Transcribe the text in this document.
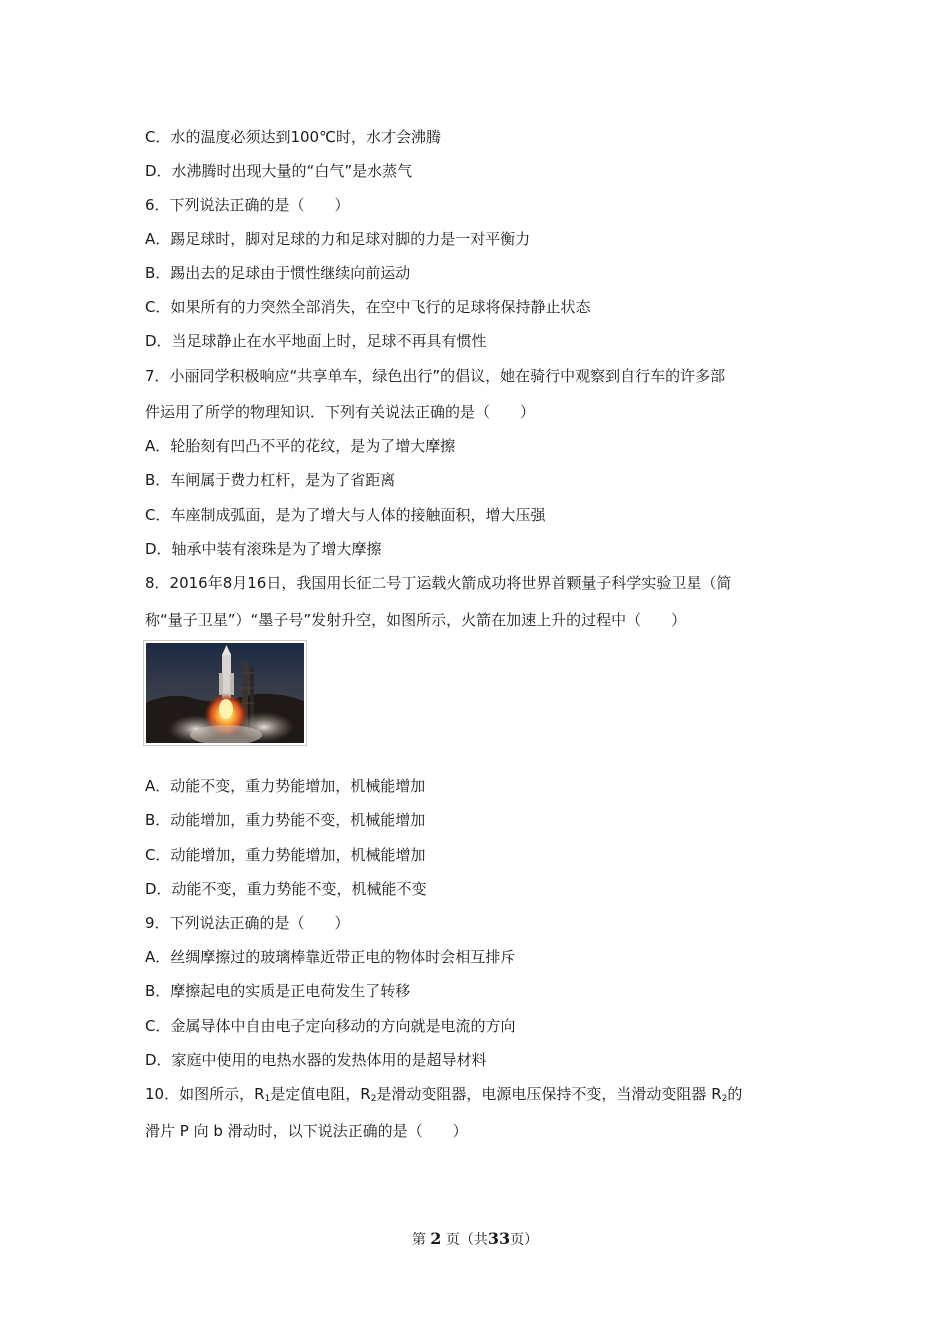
C．水的温度必须达到100℃时，水才会沸腾
D．水沸腾时出现大量的“白气”是水蒸气
6．下列说法正确的是（　　）
A．踢足球时，脚对足球的力和足球对脚的力是一对平衡力
B．踢出去的足球由于惯性继续向前运动
C．如果所有的力突然全部消失，在空中飞行的足球将保持静止状态
D．当足球静止在水平地面上时，足球不再具有惯性
7．小丽同学积极响应“共享单车，绿色出行”的倡议，她在骑行中观察到自行车的许多部
件运用了所学的物理知识．下列有关说法正确的是（　　）
A．轮胎刻有凹凸不平的花纹，是为了增大摩擦
B．车闸属于费力杠杆，是为了省距离
C．车座制成弧面，是为了增大与人体的接触面积，增大压强
D．轴承中装有滚珠是为了增大摩擦
8．2016年8月16日，我国用长征二号丁运载火箭成功将世界首颗量子科学实验卫星（简
称“量子卫星”）“墨子号”发射升空，如图所示，火箭在加速上升的过程中（　　）
A．动能不变，重力势能增加，机械能增加
B．动能增加，重力势能不变，机械能增加
C．动能增加，重力势能增加，机械能增加
D．动能不变，重力势能不变，机械能不变
9．下列说法正确的是（　　）
A．丝绸摩擦过的玻璃棒靠近带正电的物体时会相互排斥
B．摩擦起电的实质是正电荷发生了转移
C．金属导体中自由电子定向移动的方向就是电流的方向
D．家庭中使用的电热水器的发热体用的是超导材料
10．如图所示，$R_1$是定值电阻，$R_2$是滑动变阻器，电源电压保持不变，当滑动变阻器 $R_2$的
滑片 P 向 b 滑动时，以下说法正确的是（　　）
第 2 页（共33页）
